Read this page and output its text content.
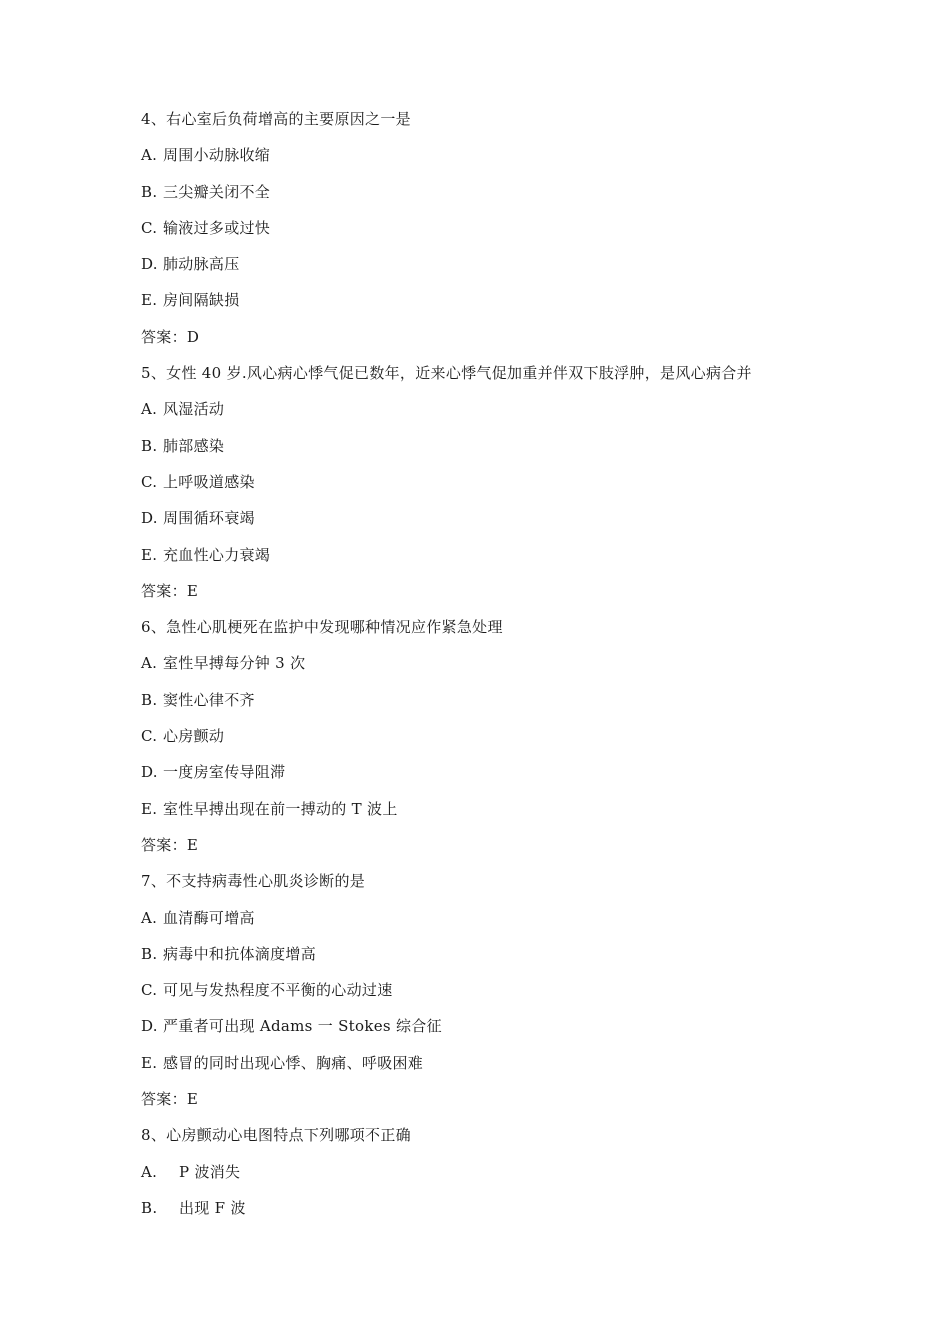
4、右心室后负荷增高的主要原因之一是
A. 周围小动脉收缩
B. 三尖瓣关闭不全
C. 输液过多或过快
D. 肺动脉高压
E. 房间隔缺损
答案：D
5、女性 40 岁.风心病心悸气促已数年，近来心悸气促加重并伴双下肢浮肿，是风心病合并
A. 风湿活动
B. 肺部感染
C. 上呼吸道感染
D. 周围循环衰竭
E. 充血性心力衰竭
答案：E
6、急性心肌梗死在监护中发现哪种情况应作紧急处理
A. 室性早搏每分钟 3 次
B. 窦性心律不齐
C. 心房颤动
D. 一度房室传导阻滞
E. 室性早搏出现在前一搏动的 T 波上
答案：E
7、不支持病毒性心肌炎诊断的是
A. 血清酶可增高
B. 病毒中和抗体滴度增高
C. 可见与发热程度不平衡的心动过速
D. 严重者可出现 Adams 一 Stokes 综合征
E. 感冒的同时出现心悸、胸痛、呼吸困难
答案：E
8、心房颤动心电图特点下列哪项不正确
A. P 波消失
B. 出现 F 波
